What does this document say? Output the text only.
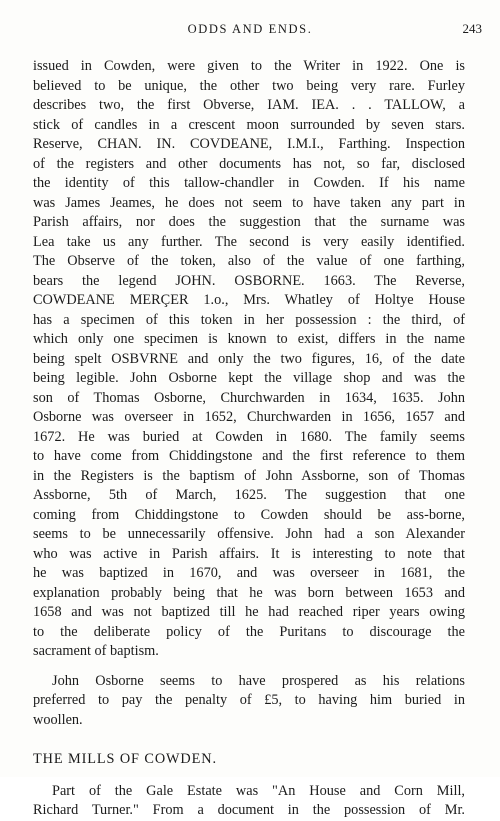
ODDS AND ENDS.	243
issued in Cowden, were given to the Writer in 1922. One is
believed to be unique, the other two being very rare. Furley
describes two, the first Obverse, IAM. IEA. . . TALLOW, a
stick of candles in a crescent moon surrounded by seven stars.
Reserve, CHAN. IN. COVDEANE, I.M.I., Farthing. Inspection
of the registers and other documents has not, so far, disclosed
the identity of this tallow-chandler in Cowden. If his name
was James Jeames, he does not seem to have taken any part in
Parish affairs, nor does the suggestion that the surname was
Lea take us any further. The second is very easily identified.
The Observe of the token, also of the value of one farthing,
bears the legend JOHN. OSBORNE. 1663. The Reverse,
COWDEANE MERÇER 1.o., Mrs. Whatley of Holtye House
has a specimen of this token in her possession : the third, of
which only one specimen is known to exist, differs in the name
being spelt OSBVRNE and only the two figures, 16, of the date
being legible. John Osborne kept the village shop and was the
son of Thomas Osborne, Churchwarden in 1634, 1635. John
Osborne was overseer in 1652, Churchwarden in 1656, 1657 and
1672. He was buried at Cowden in 1680. The family seems
to have come from Chiddingstone and the first reference to them
in the Registers is the baptism of John Assborne, son of Thomas
Assborne, 5th of March, 1625. The suggestion that one
coming from Chiddingstone to Cowden should be ass-borne,
seems to be unnecessarily offensive. John had a son Alexander
who was active in Parish affairs. It is interesting to note that
he was baptized in 1670, and was overseer in 1681, the
explanation probably being that he was born between 1653 and
1658 and was not baptized till he had reached riper years owing
to the deliberate policy of the Puritans to discourage the
sacrament of baptism.
John Osborne seems to have prospered as his relations
preferred to pay the penalty of £5, to having him buried in
woollen.
THE MILLS OF COWDEN.
Part of the Gale Estate was "An House and Corn Mill,
Richard Turner." From a document in the possession of Mr.
